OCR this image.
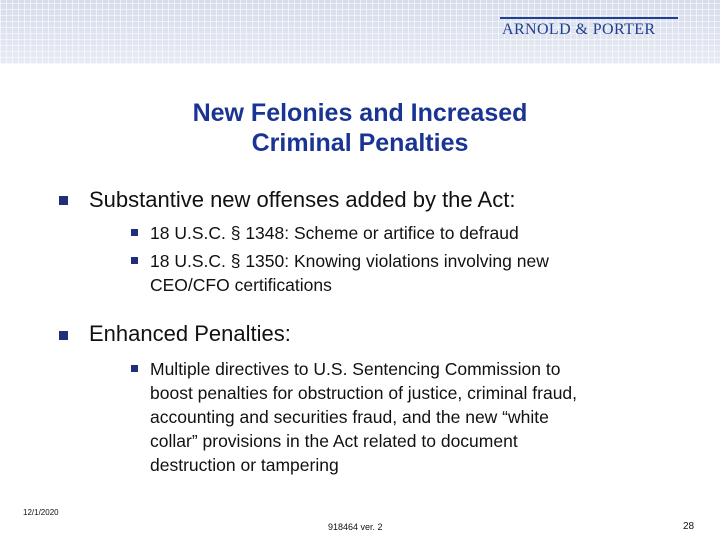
ARNOLD & PORTER
New Felonies and Increased
Criminal Penalties
Substantive new offenses added by the Act:
18 U.S.C. § 1348: Scheme or artifice to defraud
18 U.S.C. § 1350: Knowing violations involving new
CEO/CFO certifications
Enhanced Penalties:
Multiple directives to U.S. Sentencing Commission to
boost penalties for obstruction of justice, criminal fraud,
accounting and securities fraud, and the new “white
collar” provisions in the Act related to document
destruction or tampering
12/1/2020
918464 ver. 2	28
